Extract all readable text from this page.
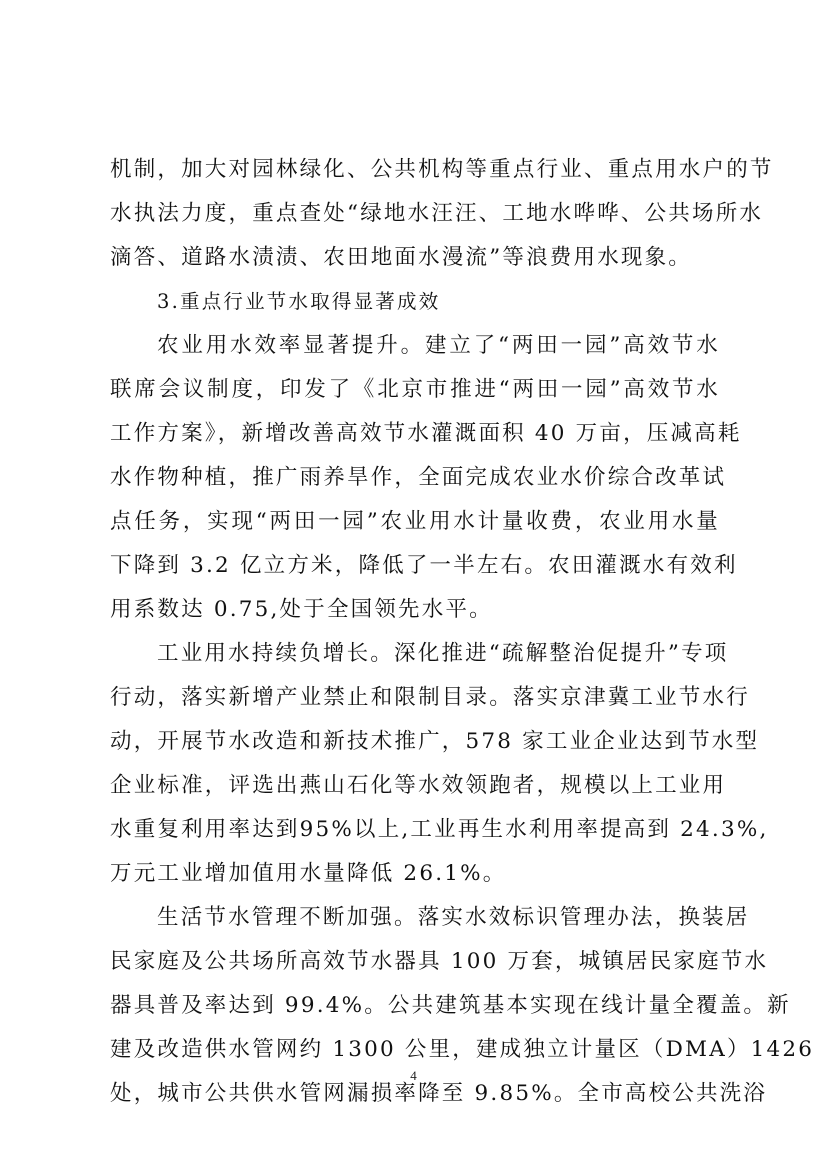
机制，加大对园林绿化、公共机构等重点行业、重点用水户的节
水执法力度，重点查处“绿地水汪汪、工地水哗哗、公共场所水
滴答、道路水渍渍、农田地面水漫流”等浪费用水现象。
3.重点行业节水取得显著成效
农业用水效率显著提升。建立了“两田一园”高效节水
联席会议制度，印发了《北京市推进“两田一园”高效节水
工作方案》，新增改善高效节水灌溉面积 40 万亩，压减高耗
水作物种植，推广雨养旱作，全面完成农业水价综合改革试
点任务，实现“两田一园”农业用水计量收费，农业用水量
下降到 3.2 亿立方米，降低了一半左右。农田灌溉水有效利
用系数达 0.75,处于全国领先水平。
工业用水持续负增长。深化推进“疏解整治促提升”专项
行动，落实新增产业禁止和限制目录。落实京津冀工业节水行
动，开展节水改造和新技术推广，578 家工业企业达到节水型
企业标准，评选出燕山石化等水效领跑者，规模以上工业用
水重复利用率达到95%以上,工业再生水利用率提高到 24.3%,
万元工业增加值用水量降低 26.1%。
生活节水管理不断加强。落实水效标识管理办法，换装居
民家庭及公共场所高效节水器具 100 万套，城镇居民家庭节水
器具普及率达到 99.4%。公共建筑基本实现在线计量全覆盖。新
建及改造供水管网约 1300 公里，建成独立计量区（DMA）1426
处，城市公共供水管网漏损率降至 9.85%。全市高校公共洗浴
4
